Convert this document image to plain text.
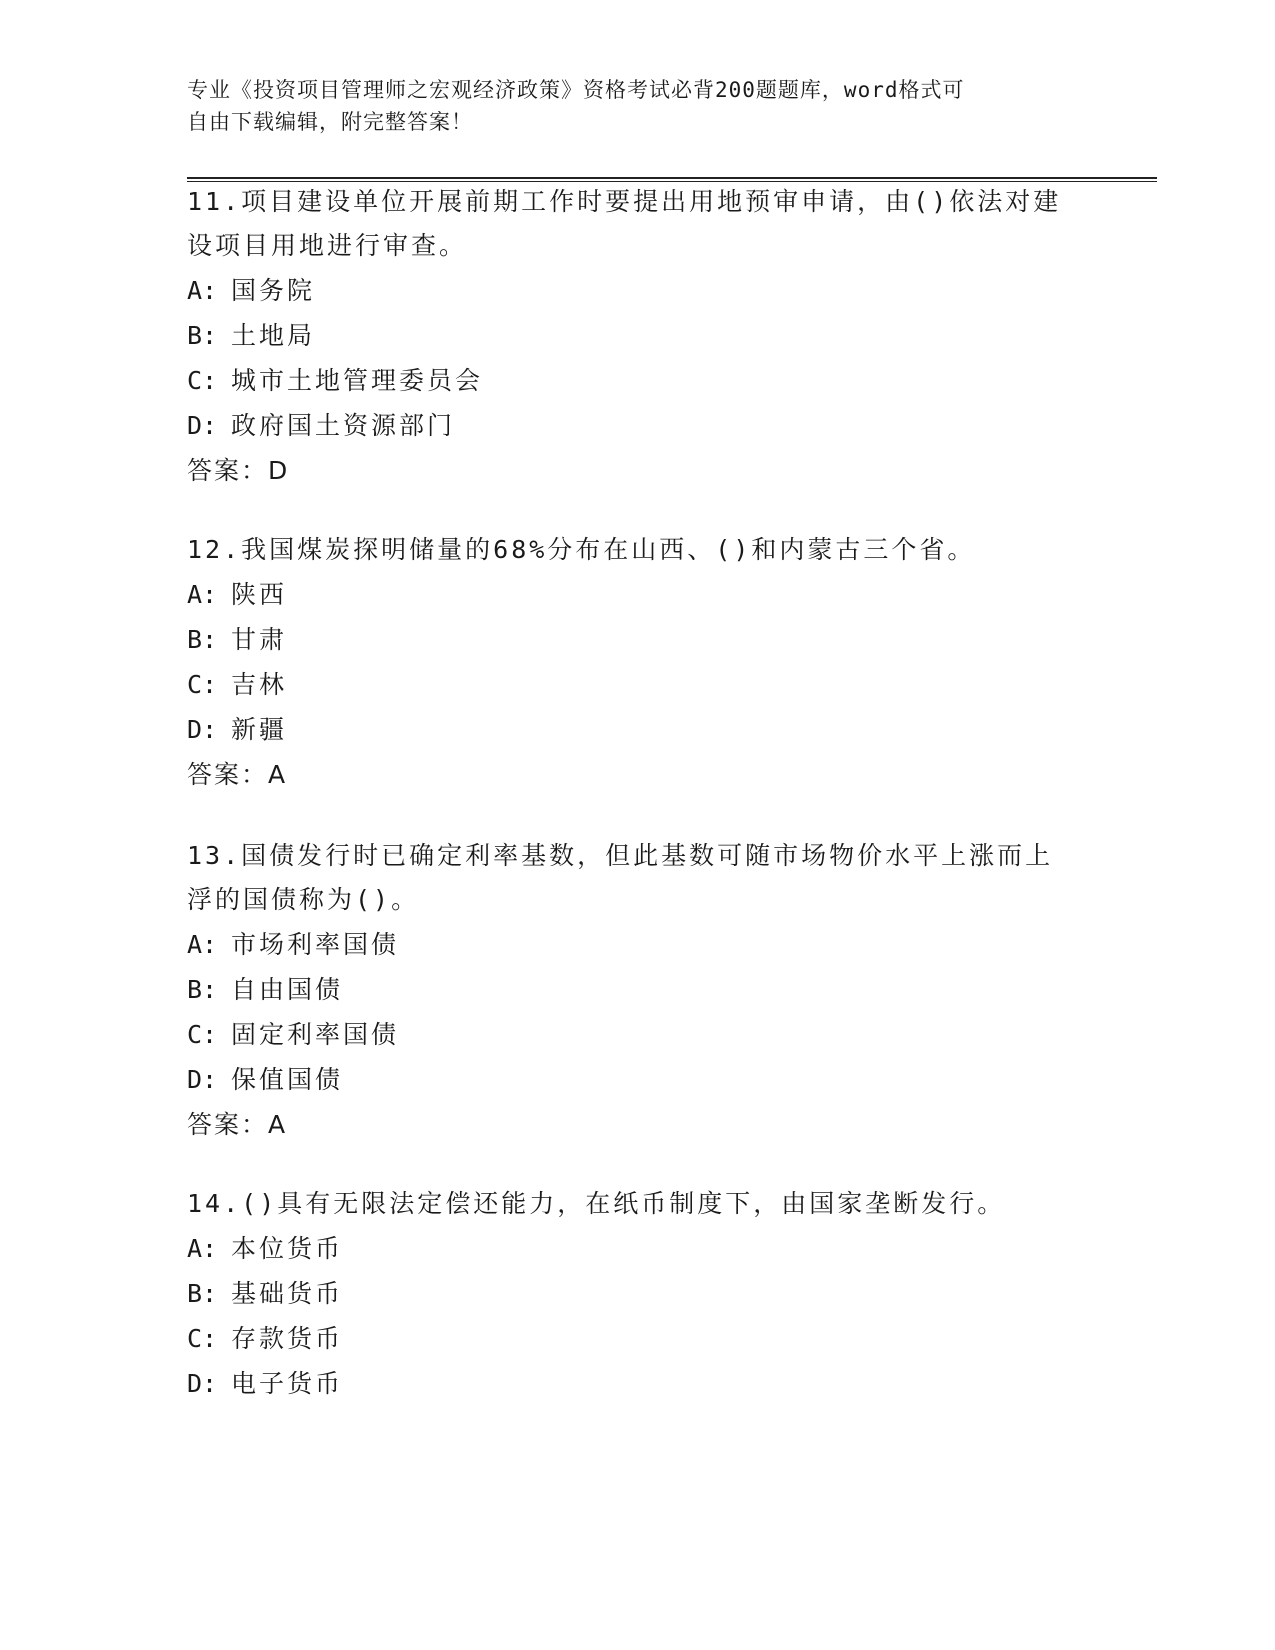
专业《投资项目管理师之宏观经济政策》资格考试必背200题题库，word格式可
自由下载编辑，附完整答案！
11.项目建设单位开展前期工作时要提出用地预审申请，由()依法对建
设项目用地进行审查。
A: 国务院
B: 土地局
C: 城市土地管理委员会
D: 政府国土资源部门
答案：D
12.我国煤炭探明储量的68%分布在山西、()和内蒙古三个省。
A: 陕西
B: 甘肃
C: 吉林
D: 新疆
答案：A
13.国债发行时已确定利率基数，但此基数可随市场物价水平上涨而上
浮的国债称为()。
A: 市场利率国债
B: 自由国债
C: 固定利率国债
D: 保值国债
答案：A
14.()具有无限法定偿还能力，在纸币制度下，由国家垄断发行。
A: 本位货币
B: 基础货币
C: 存款货币
D: 电子货币
